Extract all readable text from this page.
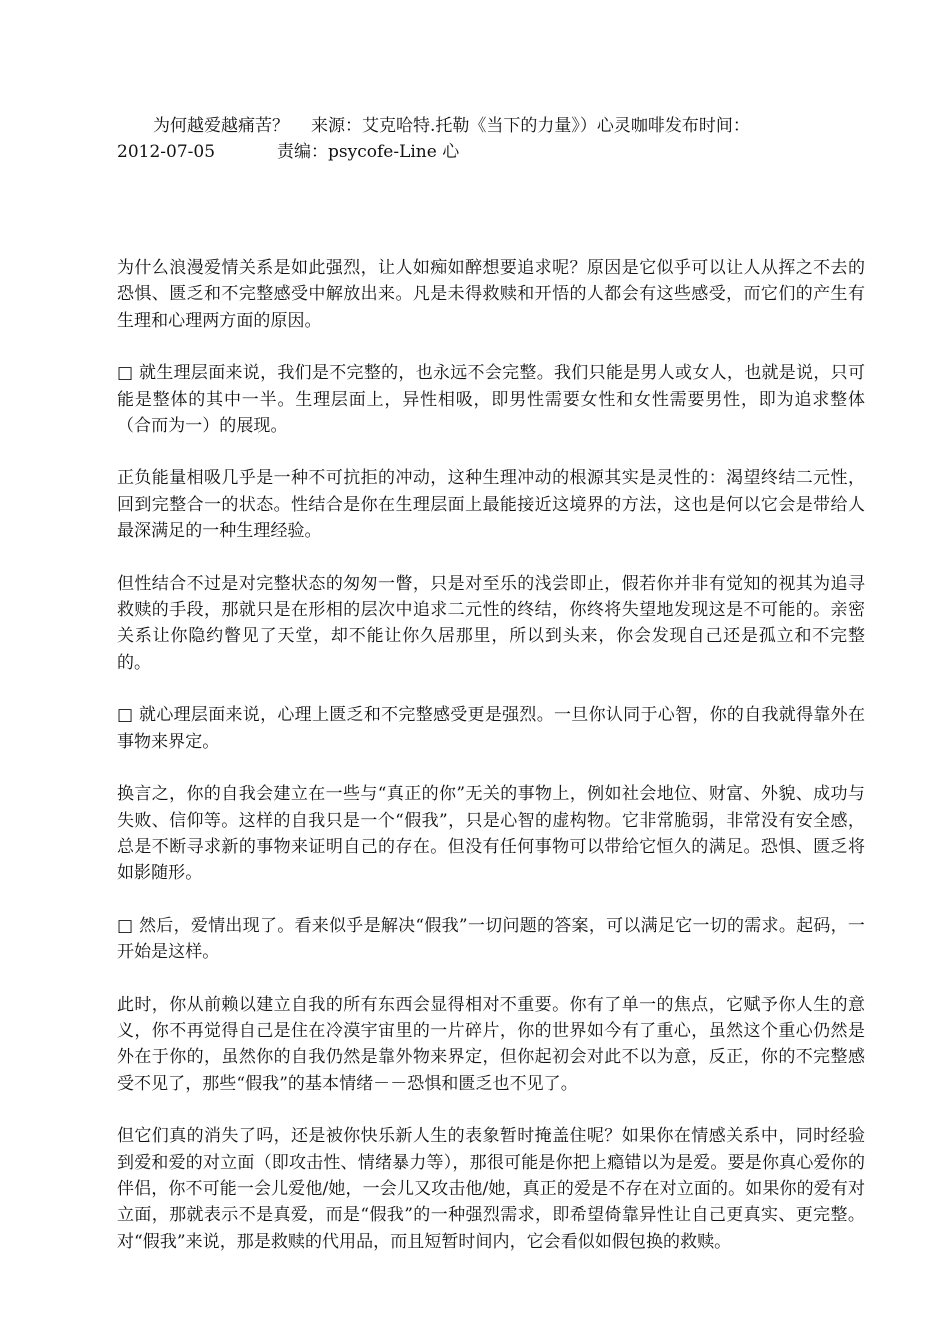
为何越爱越痛苦？ 来源：艾克哈特.托勒《当下的力量》）心灵咖啡发布时间：
2012-07-05	责编：psycofe-Line 心

为什么浪漫爱情关系是如此强烈，让人如痴如醉想要追求呢？原因是它似乎可以让人从挥之不去的恐惧、匮乏和不完整感受中解放出来。凡是未得救赎和开悟的人都会有这些感受，而它们的产生有生理和心理两方面的原因。

□ 就生理层面来说，我们是不完整的，也永远不会完整。我们只能是男人或女人，也就是说，只可能是整体的其中一半。生理层面上，异性相吸，即男性需要女性和女性需要男性，即为追求整体（合而为一）的展现。

正负能量相吸几乎是一种不可抗拒的冲动，这种生理冲动的根源其实是灵性的：渴望终结二元性，回到完整合一的状态。性结合是你在生理层面上最能接近这境界的方法，这也是何以它会是带给人最深满足的一种生理经验。

但性结合不过是对完整状态的匆匆一瞥，只是对至乐的浅尝即止，假若你并非有觉知的视其为追寻救赎的手段，那就只是在形相的层次中追求二元性的终结，你终将失望地发现这是不可能的。亲密关系让你隐约瞥见了天堂，却不能让你久居那里，所以到头来，你会发现自己还是孤立和不完整的。

□ 就心理层面来说，心理上匮乏和不完整感受更是强烈。一旦你认同于心智，你的自我就得靠外在事物来界定。

换言之，你的自我会建立在一些与“真正的你”无关的事物上，例如社会地位、财富、外貌、成功与失败、信仰等。这样的自我只是一个“假我”，只是心智的虚构物。它非常脆弱，非常没有安全感，总是不断寻求新的事物来证明自己的存在。但没有任何事物可以带给它恒久的满足。恐惧、匮乏将如影随形。

□ 然后，爱情出现了。看来似乎是解决“假我”一切问题的答案，可以满足它一切的需求。起码，一开始是这样。

此时，你从前赖以建立自我的所有东西会显得相对不重要。你有了单一的焦点，它赋予你人生的意义，你不再觉得自己是住在冷漠宇宙里的一片碎片，你的世界如今有了重心，虽然这个重心仍然是外在于你的，虽然你的自我仍然是靠外物来界定，但你起初会对此不以为意，反正，你的不完整感受不见了，那些“假我”的基本情绪－－恐惧和匮乏也不见了。

但它们真的消失了吗，还是被你快乐新人生的表象暂时掩盖住呢？如果你在情感关系中，同时经验到爱和爱的对立面（即攻击性、情绪暴力等），那很可能是你把上瘾错以为是爱。要是你真心爱你的伴侣，你不可能一会儿爱他/她，一会儿又攻击他/她，真正的爱是不存在对立面的。如果你的爱有对立面，那就表示不是真爱，而是“假我”的一种强烈需求，即希望倚靠异性让自己更真实、更完整。对“假我”来说，那是救赎的代用品，而且短暂时间内，它会看似如假包换的救赎。
